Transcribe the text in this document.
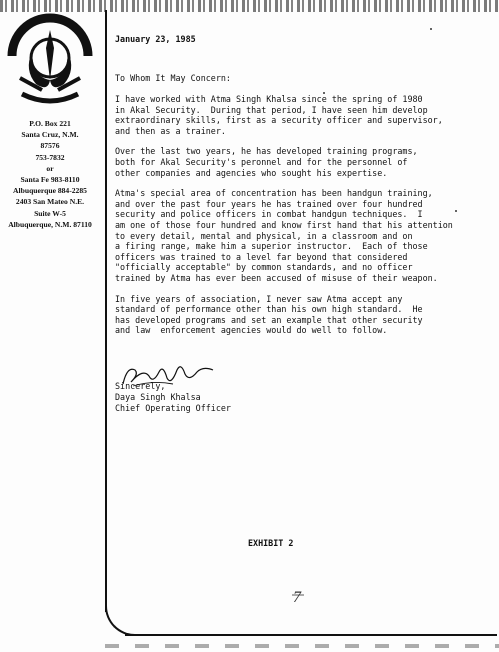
P.O. Box 221
Santa Cruz, N.M.
87576
753-7832
or
Santa Fe 983-8110
Albuquerque 884-2285
2403 San Mateo N.E.
Suite W-5
Albuquerque, N.M. 87110
January 23, 1985
To Whom It May Concern:

I have worked with Atma Singh Khalsa since the spring of 1980
in Akal Security.  During that period, I have seen him develop
extraordinary skills, first as a security officer and supervisor,
and then as a trainer.

Over the last two years, he has developed training programs,
both for Akal Security's peronnel and for the personnel of
other companies and agencies who sought his expertise.

Atma's special area of concentration has been handgun training,
and over the past four years he has trained over four hundred
security and police officers in combat handgun techniques.  I
am one of those four hundred and know first hand that his attention
to every detail, mental and physical, in a classroom and on
a firing range, make him a superior instructor.  Each of those
officers was trained to a level far beyond that considered
"officially acceptable" by common standards, and no officer
trained by Atma has ever been accused of misuse of their weapon.

In five years of association, I never saw Atma accept any
standard of performance other than his own high standard.  He
has developed programs and set an example that other security
and law  enforcement agencies would do well to follow.

Sincerely,
Daya Singh Khalsa
Chief Operating Officer
EXHIBIT 2
7
